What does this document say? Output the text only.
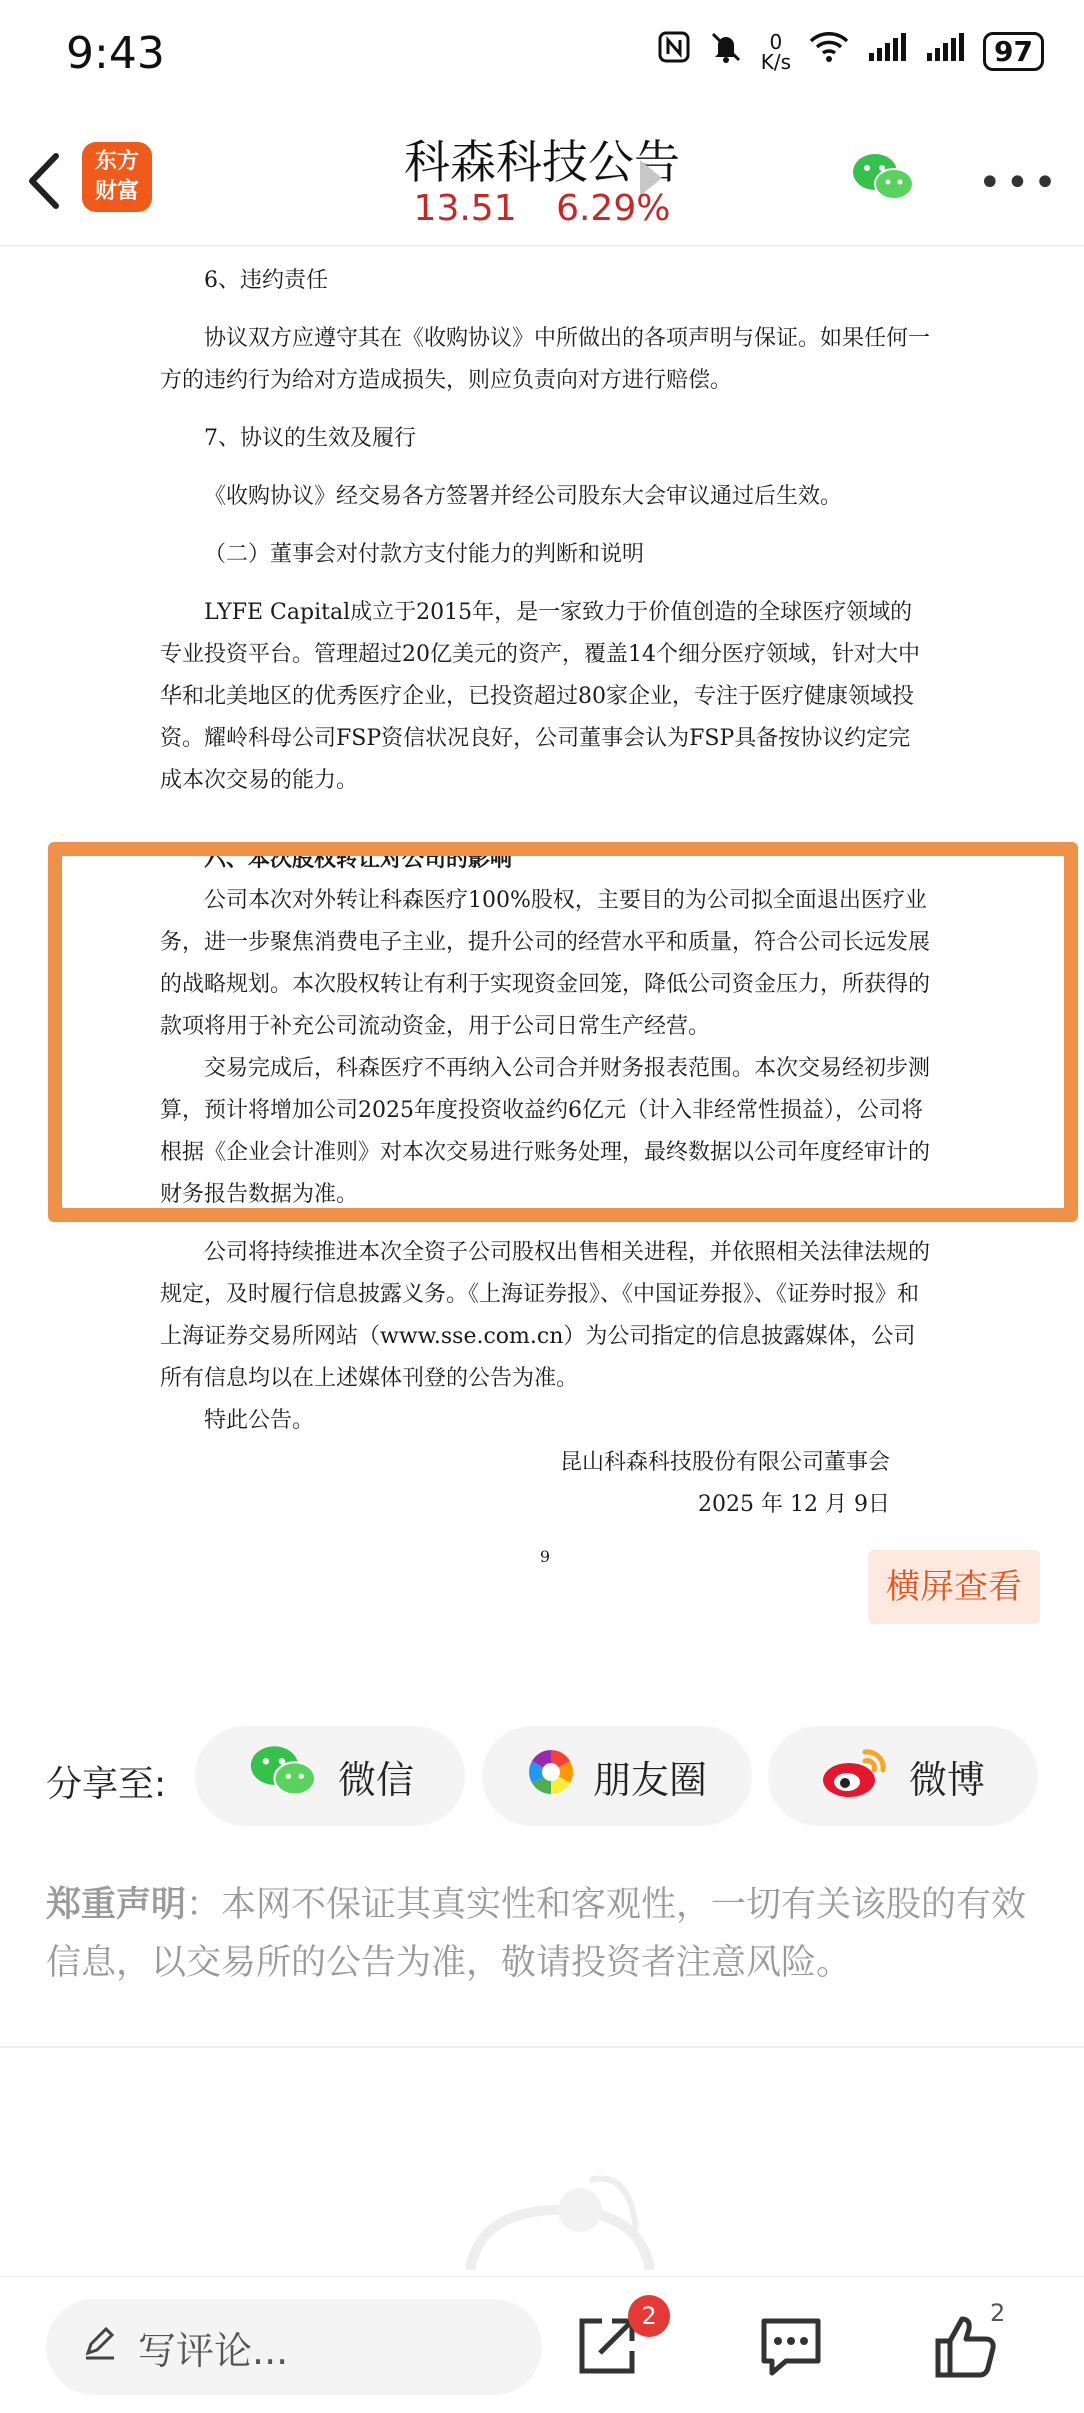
9:43	0
K/s	97
东方
财富
科森科技公告
13.51 6.29%
•••

6、违约责任

协议双方应遵守其在《收购协议》中所做出的各项声明与保证。如果任何一方的违约行为给对方造成损失，则应负责向对方进行赔偿。

7、协议的生效及履行

《收购协议》经交易各方签署并经公司股东大会审议通过后生效。

（二）董事会对付款方支付能力的判断和说明

LYFE Capital成立于2015年，是一家致力于价值创造的全球医疗领域的专业投资平台。管理超过20亿美元的资产，覆盖14个细分医疗领域，针对大中华和北美地区的优秀医疗企业，已投资超过80家企业，专注于医疗健康领域投资。耀岭科母公司FSP资信状况良好，公司董事会认为FSP具备按协议约定完成本次交易的能力。

六、本次股权转让对公司的影响

公司本次对外转让科森医疗100%股权，主要目的为公司拟全面退出医疗业务，进一步聚焦消费电子主业，提升公司的经营水平和质量，符合公司长远发展的战略规划。本次股权转让有利于实现资金回笼，降低公司资金压力，所获得的款项将用于补充公司流动资金，用于公司日常生产经营。

交易完成后，科森医疗不再纳入公司合并财务报表范围。本次交易经初步测算，预计将增加公司2025年度投资收益约6亿元（计入非经常性损益），公司将根据《企业会计准则》对本次交易进行账务处理，最终数据以公司年度经审计的财务报告数据为准。

公司将持续推进本次全资子公司股权出售相关进程，并依照相关法律法规的规定，及时履行信息披露义务。《上海证券报》、《中国证券报》、《证券时报》和上海证券交易所网站（www.sse.com.cn）为公司指定的信息披露媒体，公司所有信息均以在上述媒体刊登的公告为准。

特此公告。

昆山科森科技股份有限公司董事会

2025 年 12 月 9日

9

横屏查看
分享至:	微信	朋友圈	微博
郑重声明：本网不保证其真实性和客观性，一切有关该股的有效信息，以交易所的公告为准，敬请投资者注意风险。
写评论...
2	2
